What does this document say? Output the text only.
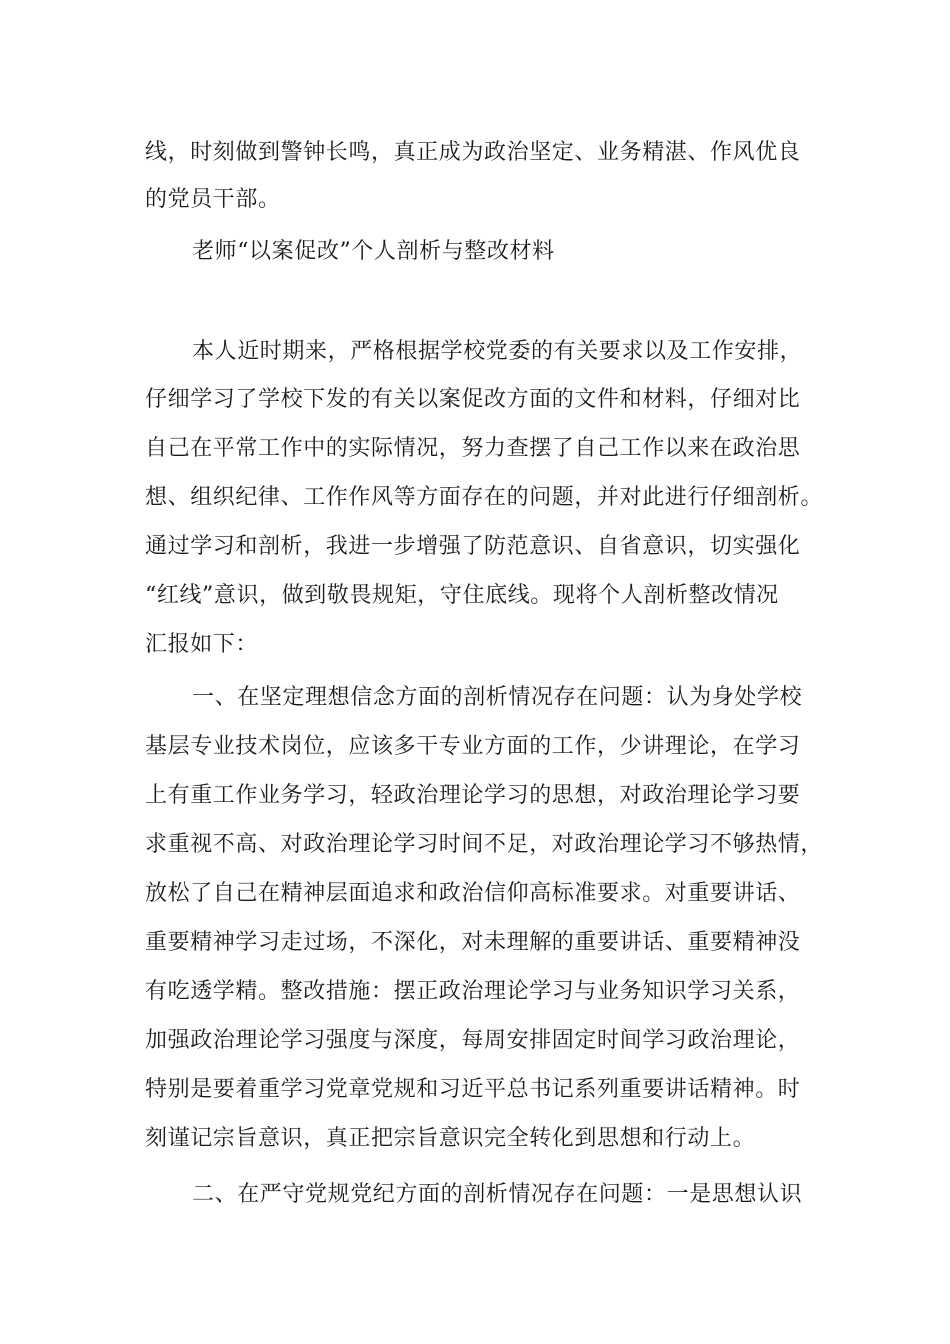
线，时刻做到警钟长鸣，真正成为政治坚定、业务精湛、作风优良

的党员干部。

老师“以案促改”个人剖析与整改材料

本人近时期来，严格根据学校党委的有关要求以及工作安排，

仔细学习了学校下发的有关以案促改方面的文件和材料，仔细对比

自己在平常工作中的实际情况，努力查摆了自己工作以来在政治思

想、组织纪律、工作作风等方面存在的问题，并对此进行仔细剖析。

通过学习和剖析，我进一步增强了防范意识、自省意识，切实强化

“红线”意识，做到敬畏规矩，守住底线。现将个人剖析整改情况

汇报如下：

一、在坚定理想信念方面的剖析情况存在问题：认为身处学校

基层专业技术岗位，应该多干专业方面的工作，少讲理论，在学习

上有重工作业务学习，轻政治理论学习的思想，对政治理论学习要

求重视不高、对政治理论学习时间不足，对政治理论学习不够热情，

放松了自己在精神层面追求和政治信仰高标准要求。对重要讲话、

重要精神学习走过场，不深化，对未理解的重要讲话、重要精神没

有吃透学精。整改措施：摆正政治理论学习与业务知识学习关系，

加强政治理论学习强度与深度，每周安排固定时间学习政治理论，

特别是要着重学习党章党规和习近平总书记系列重要讲话精神。时

刻谨记宗旨意识，真正把宗旨意识完全转化到思想和行动上。

二、在严守党规党纪方面的剖析情况存在问题：一是思想认识
